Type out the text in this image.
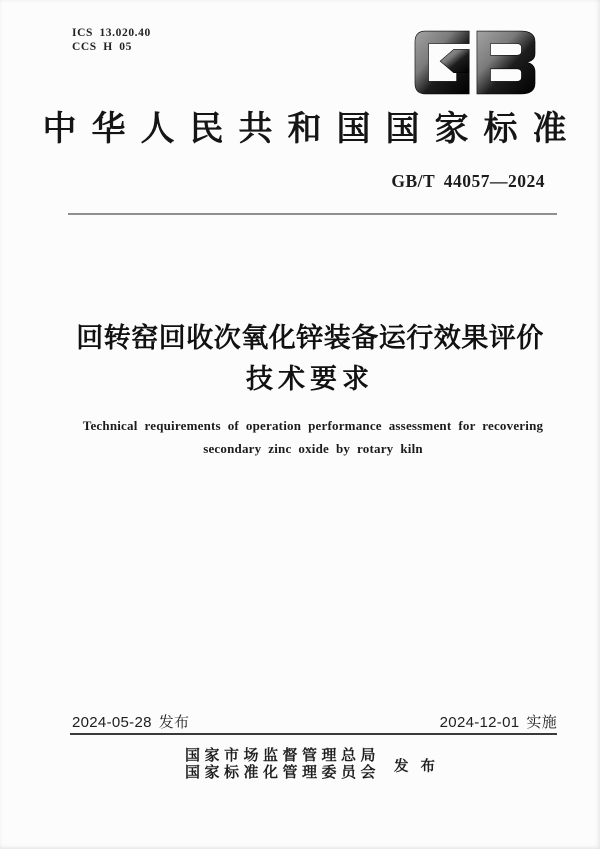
ICS 13.020.40
CCS H 05
中华人民共和国国家标准
GB/T 44057—2024
回转窑回收次氧化锌装备运行效果评价
技术要求
Technical requirements of operation performance assessment for recovering
secondary zinc oxide by rotary kiln
2024-05-28 发布	2024-12-01 实施
国家市场监督管理总局
国家标准化管理委员会 发布
